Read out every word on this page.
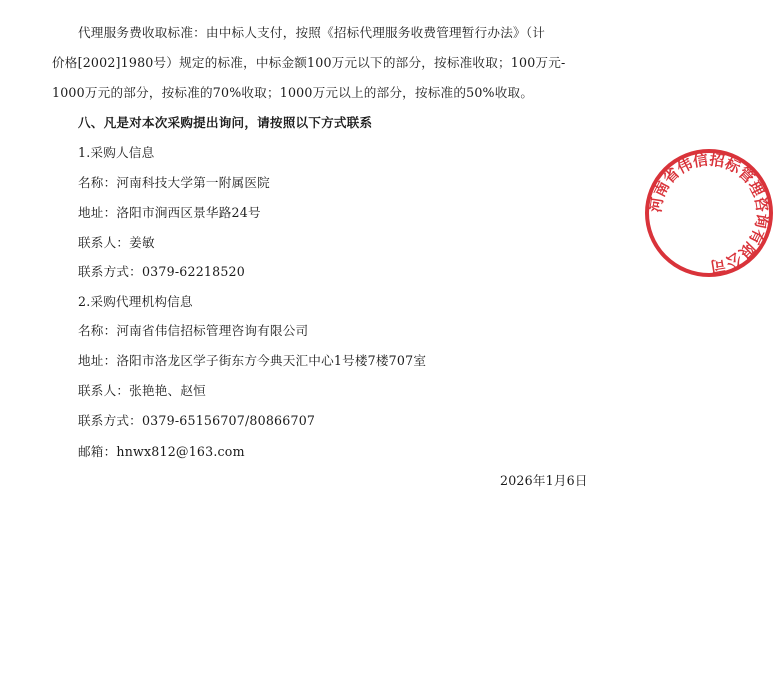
代理服务费收取标准：由中标人支付，按照《招标代理服务收费管理暂行办法》（计
价格[2002]1980号）规定的标准，中标金额100万元以下的部分，按标准收取；100万元-
1000万元的部分，按标准的70%收取；1000万元以上的部分，按标准的50%收取。
八、凡是对本次采购提出询问，请按照以下方式联系
1.采购人信息
名称：河南科技大学第一附属医院
地址：洛阳市涧西区景华路24号
联系人：姜敏
联系方式：0379-62218520
2.采购代理机构信息
名称：河南省伟信招标管理咨询有限公司
地址：洛阳市洛龙区学子街东方今典天汇中心1号楼7楼707室
联系人：张艳艳、赵恒
联系方式：0379-65156707/80866707
邮箱：hnwx812@163.com
2026年1月6日
河南省伟信招标管理咨询有限公司
